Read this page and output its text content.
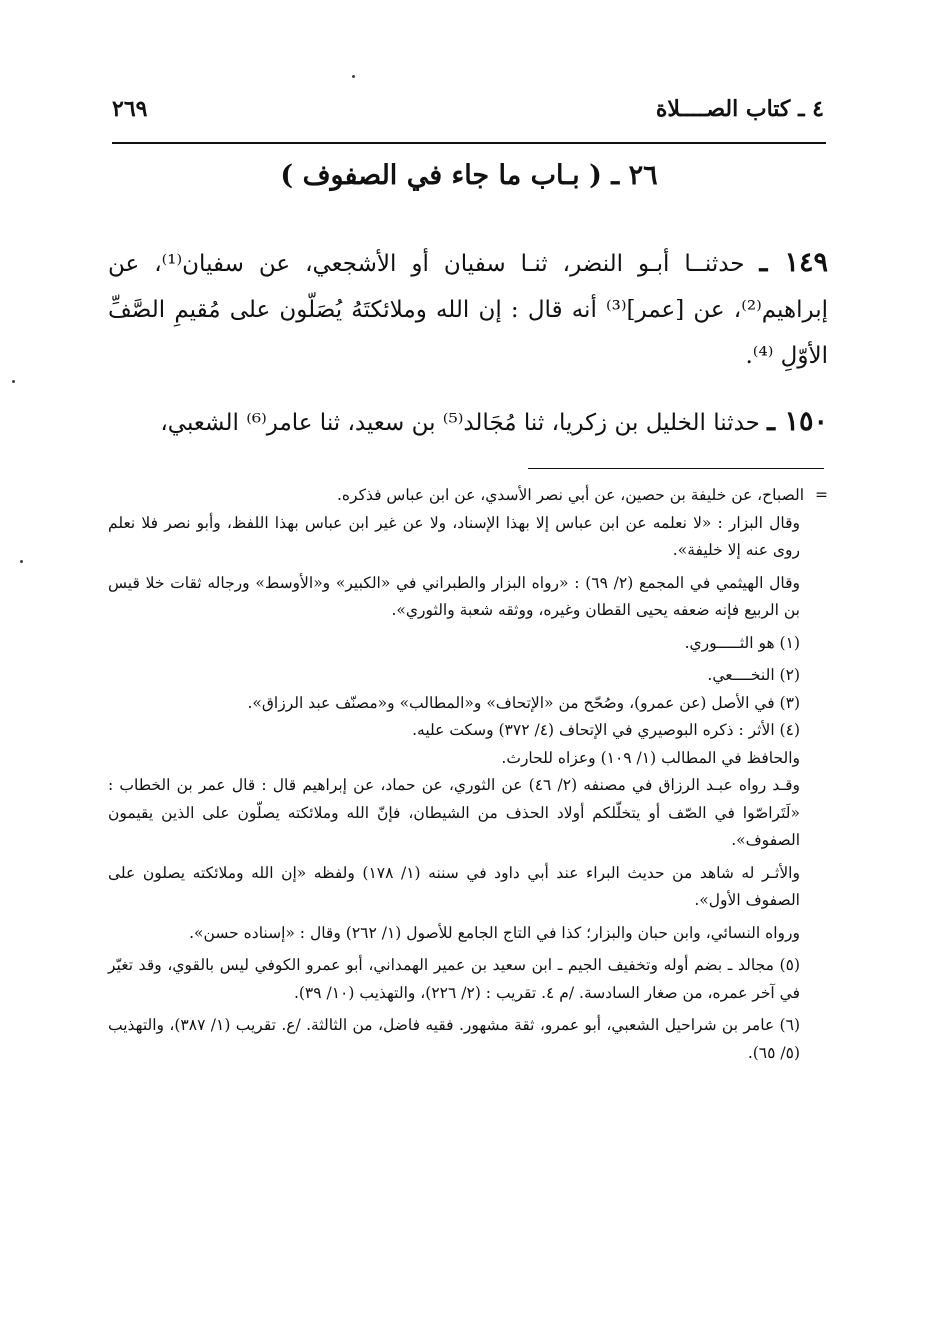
٤ ـ كتاب الصــــلاة
٢٦٩
٢٦ ـ ( بـاب ما جاء في الصفوف )

١٤٩ ـ حدثنــا أبـو النضر، ثنـا سفيان أو الأشجعي، عن سفيان⁽¹⁾، عن إبراهيم⁽²⁾، عن [عمر]⁽³⁾ أنه قال : إن الله وملائكتَهُ يُصَلّون على مُقيمِ الصَّفِّ الأوّلِ ⁽⁴⁾.

١٥٠ ـ حدثنا الخليل بن زكريا، ثنا مُجَالد⁽⁵⁾ بن سعيد، ثنا عامر⁽⁶⁾ الشعبي،

= الصباح، عن خليفة بن حصين، عن أبي نصر الأسدي، عن ابن عباس فذكره.

وقال البزار : «لا نعلمه عن ابن عباس إلا بهذا الإسناد، ولا عن غير ابن عباس بهذا اللفظ، وأبو نصر فلا نعلم روى عنه إلا خليفة».

وقال الهيثمي في المجمع (٢/ ٦٩) : «رواه البزار والطبراني في «الكبير» و«الأوسط» ورجاله ثقات خلا قيس بن الربيع فإنه ضعفه يحيى القطان وغيره، ووثقه شعبة والثوري».

(١) هو الثـــــوري.

(٢) النخــــعي.

(٣) في الأصل (عن عمرو)، وصُحّح من «الإتحاف» و«المطالب» و«مصنّف عبد الرزاق».

(٤) الأثر : ذكره البوصيري في الإتحاف (٤/ ٣٧٢) وسكت عليه.

والحافظ في المطالب (١/ ١٠٩) وعزاه للحارث.

وقـد رواه عبـد الرزاق في مصنفه (٢/ ٤٦) عن الثوري، عن حماد، عن إبراهيم قال : قال عمر بن الخطاب : «لَتَراصّوا في الصّف أو يتخلّلكم أولاد الحذف من الشيطان، فإنّ الله وملائكته يصلّون على الذين يقيمون الصفوف».

والأثـر له شاهد من حديث البراء عند أبي داود في سننه (١/ ١٧٨) ولفظه «إن الله وملائكته يصلون على الصفوف الأول».

ورواه النسائي، وابن حبان والبزار؛ كذا في التاج الجامع للأصول (١/ ٢٦٢) وقال : «إسناده حسن».

(٥) مجالد ـ بضم أوله وتخفيف الجيم ـ ابن سعيد بن عمير الهمداني، أبو عمرو الكوفي ليس بالقوي، وقد تغيّر في آخر عمره، من صغار السادسة. /م ٤. تقريب : (٢/ ٢٢٦)، والتهذيب (١٠/ ٣٩).

(٦) عامر بن شراحيل الشعبي، أبو عمرو، ثقة مشهور. فقيه فاضل، من الثالثة. /ع. تقريب (١/ ٣٨٧)، والتهذيب (٥/ ٦٥).
